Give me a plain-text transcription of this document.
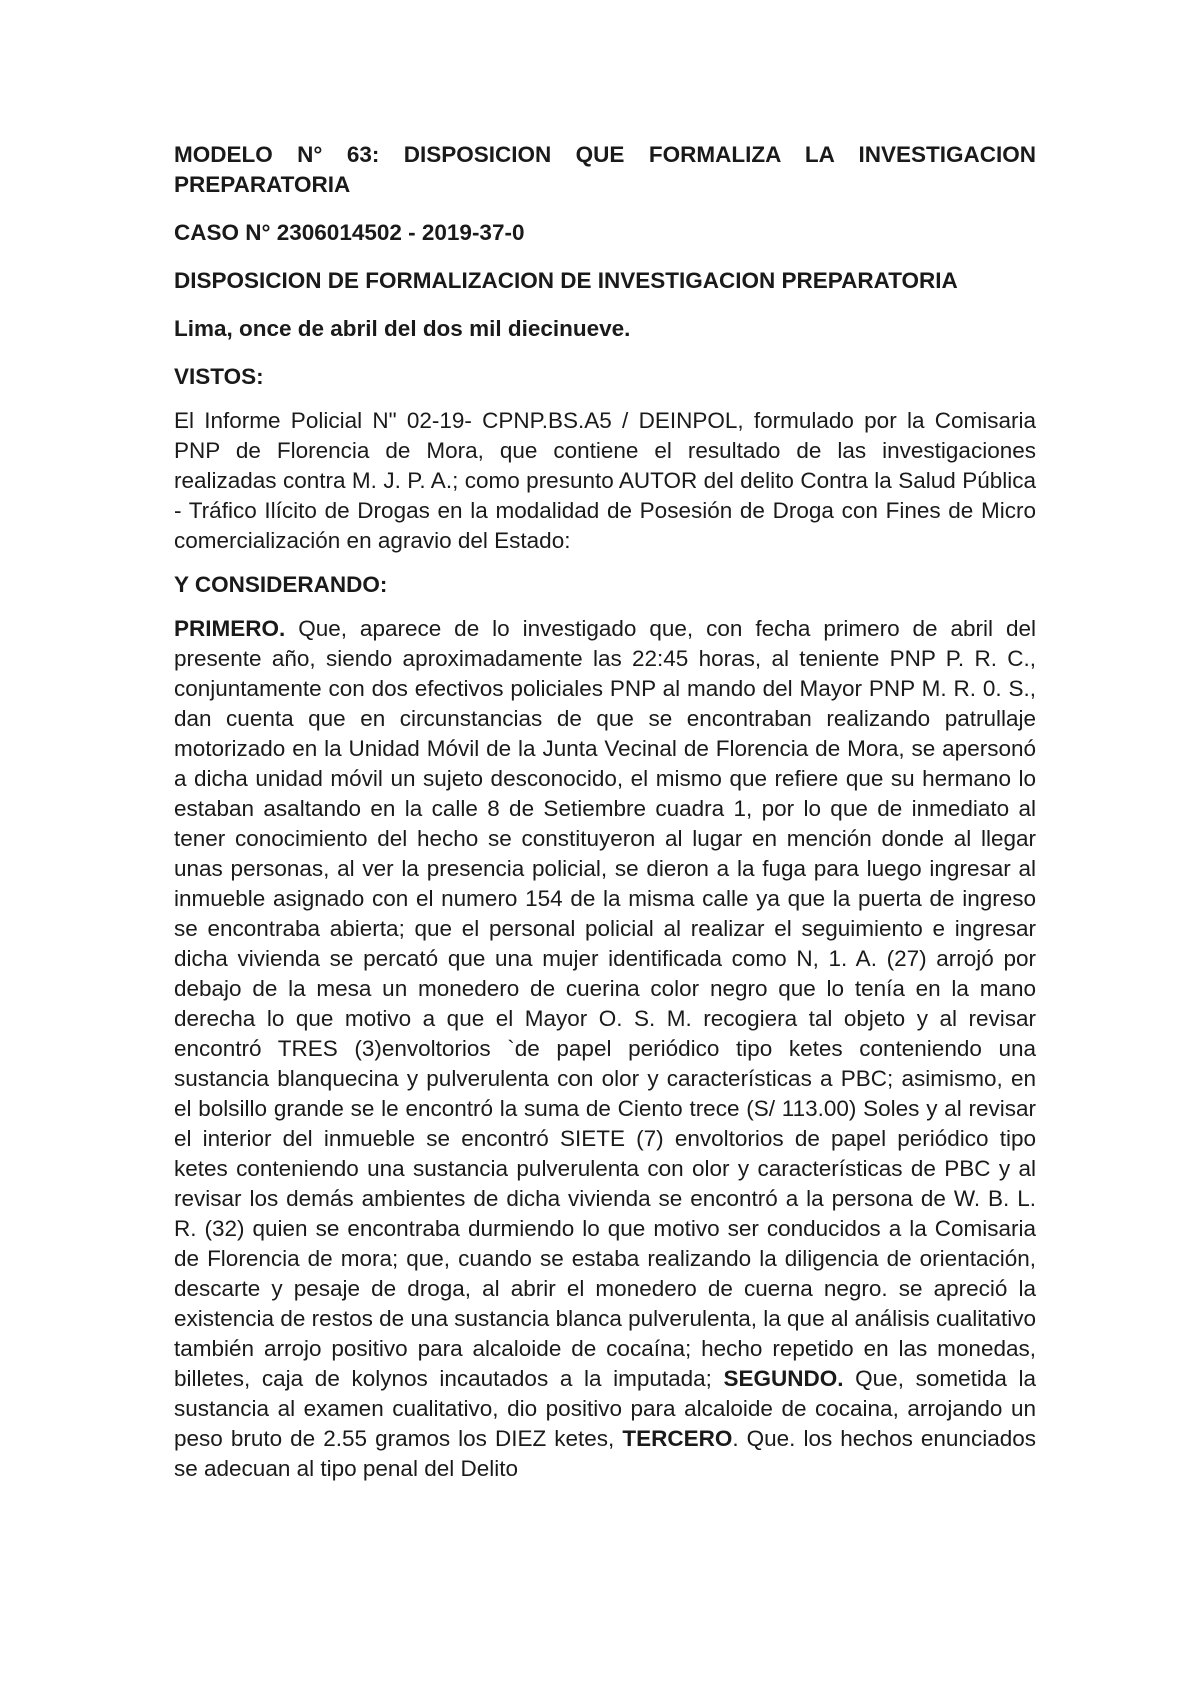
MODELO N° 63: DISPOSICION QUE FORMALIZA LA INVESTIGACION PREPARATORIA

CASO N° 2306014502 - 2019-37-0

DISPOSICION DE FORMALIZACION DE INVESTIGACION PREPARATORIA

Lima, once de abril del dos mil diecinueve.

VISTOS:

El Informe Policial N" 02-19- CPNP.BS.A5 / DEINPOL, formulado por la Comisaria PNP de Florencia de Mora, que contiene el resultado de las investigaciones realizadas contra M. J. P. A.; como presunto AUTOR del delito Contra la Salud Pública - Tráfico Ilícito de Drogas en la modalidad de Posesión de Droga con Fines de Micro comercialización en agravio del Estado:

Y CONSIDERANDO:

PRIMERO. Que, aparece de lo investigado que, con fecha primero de abril del presente año, siendo aproximadamente las 22:45 horas, al teniente PNP P. R. C., conjuntamente con dos efectivos policiales PNP al mando del Mayor PNP M. R. 0. S., dan cuenta que en circunstancias de que se encontraban realizando patrullaje motorizado en la Unidad Móvil de la Junta Vecinal de Florencia de Mora, se apersonó a dicha unidad móvil un sujeto desconocido, el mismo que refiere que su hermano lo estaban asaltando en la calle 8 de Setiembre cuadra 1, por lo que de inmediato al tener conocimiento del hecho se constituyeron al lugar en mención donde al llegar unas personas, al ver la presencia policial, se dieron a la fuga para luego ingresar al inmueble asignado con el numero 154 de la misma calle ya que la puerta de ingreso se encontraba abierta; que el personal policial al realizar el seguimiento e ingresar dicha vivienda se percató que una mujer identificada como N, 1. A. (27) arrojó por debajo de la mesa un monedero de cuerina color negro que lo tenía en la mano derecha lo que motivo a que el Mayor O. S. M. recogiera tal objeto y al revisar encontró TRES (3)envoltorios `de papel periódico tipo ketes conteniendo una sustancia blanquecina y pulverulenta con olor y características a PBC; asimismo, en el bolsillo grande se le encontró la suma de Ciento trece (S/ 113.00) Soles y al revisar el interior del inmueble se encontró SIETE (7) envoltorios de papel periódico tipo ketes conteniendo una sustancia pulverulenta con olor y características de PBC y al revisar los demás ambientes de dicha vivienda se encontró a la persona de W. B. L. R. (32) quien se encontraba durmiendo lo que motivo ser conducidos a la Comisaria de Florencia de mora; que, cuando se estaba realizando la diligencia de orientación, descarte y pesaje de droga, al abrir el monedero de cuerna negro. se apreció la existencia de restos de una sustancia blanca pulverulenta, la que al análisis cualitativo también arrojo positivo para alcaloide de cocaína; hecho repetido en las monedas, billetes, caja de kolynos incautados a la imputada; SEGUNDO. Que, sometida la sustancia al examen cualitativo, dio positivo para alcaloide de cocaina, arrojando un peso bruto de 2.55 gramos los DIEZ ketes, TERCERO. Que. los hechos enunciados se adecuan al tipo penal del Delito
